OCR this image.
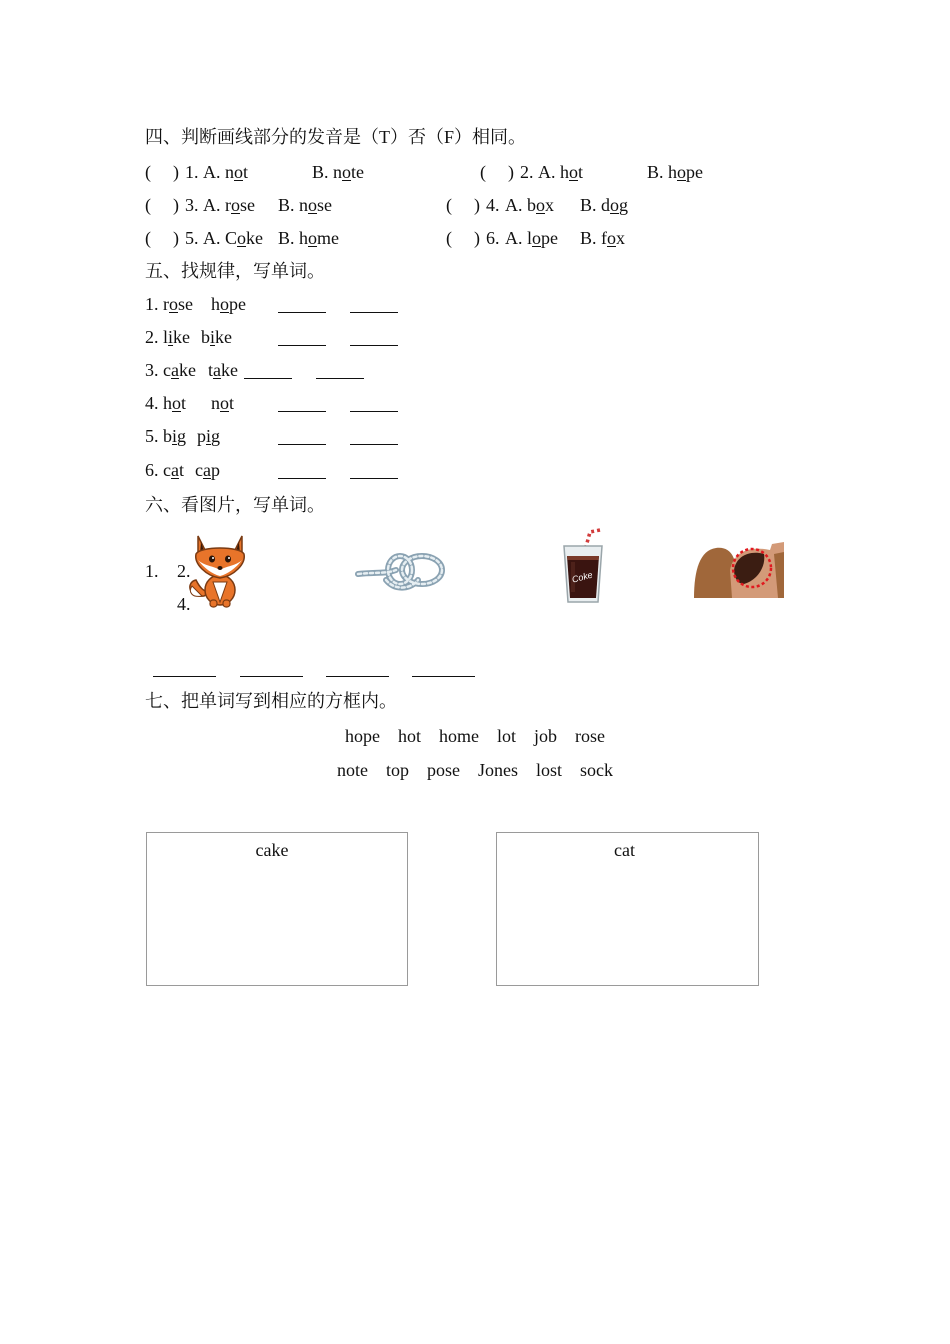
四、判断画线部分的发音是（T）否（F）相同。
( ) 1. A. not	B. note	( ) 2. A. hot	B. hope
( ) 3. A. rose B. nose	( ) 4. A. box B. dog
( ) 5. A. Coke B. home	( ) 6. A. lope B. fox
五、找规律，写单词。
1. rose hope
2. like bike
3. cake take
4. hot not
5. big pig
6. cat cap
六、看图片，写单词。
1. 2.
4.
Coke
七、把单词写到相应的方框内。
hope hot home lot job rose
note top pose Jones lost sock
cake	cat
